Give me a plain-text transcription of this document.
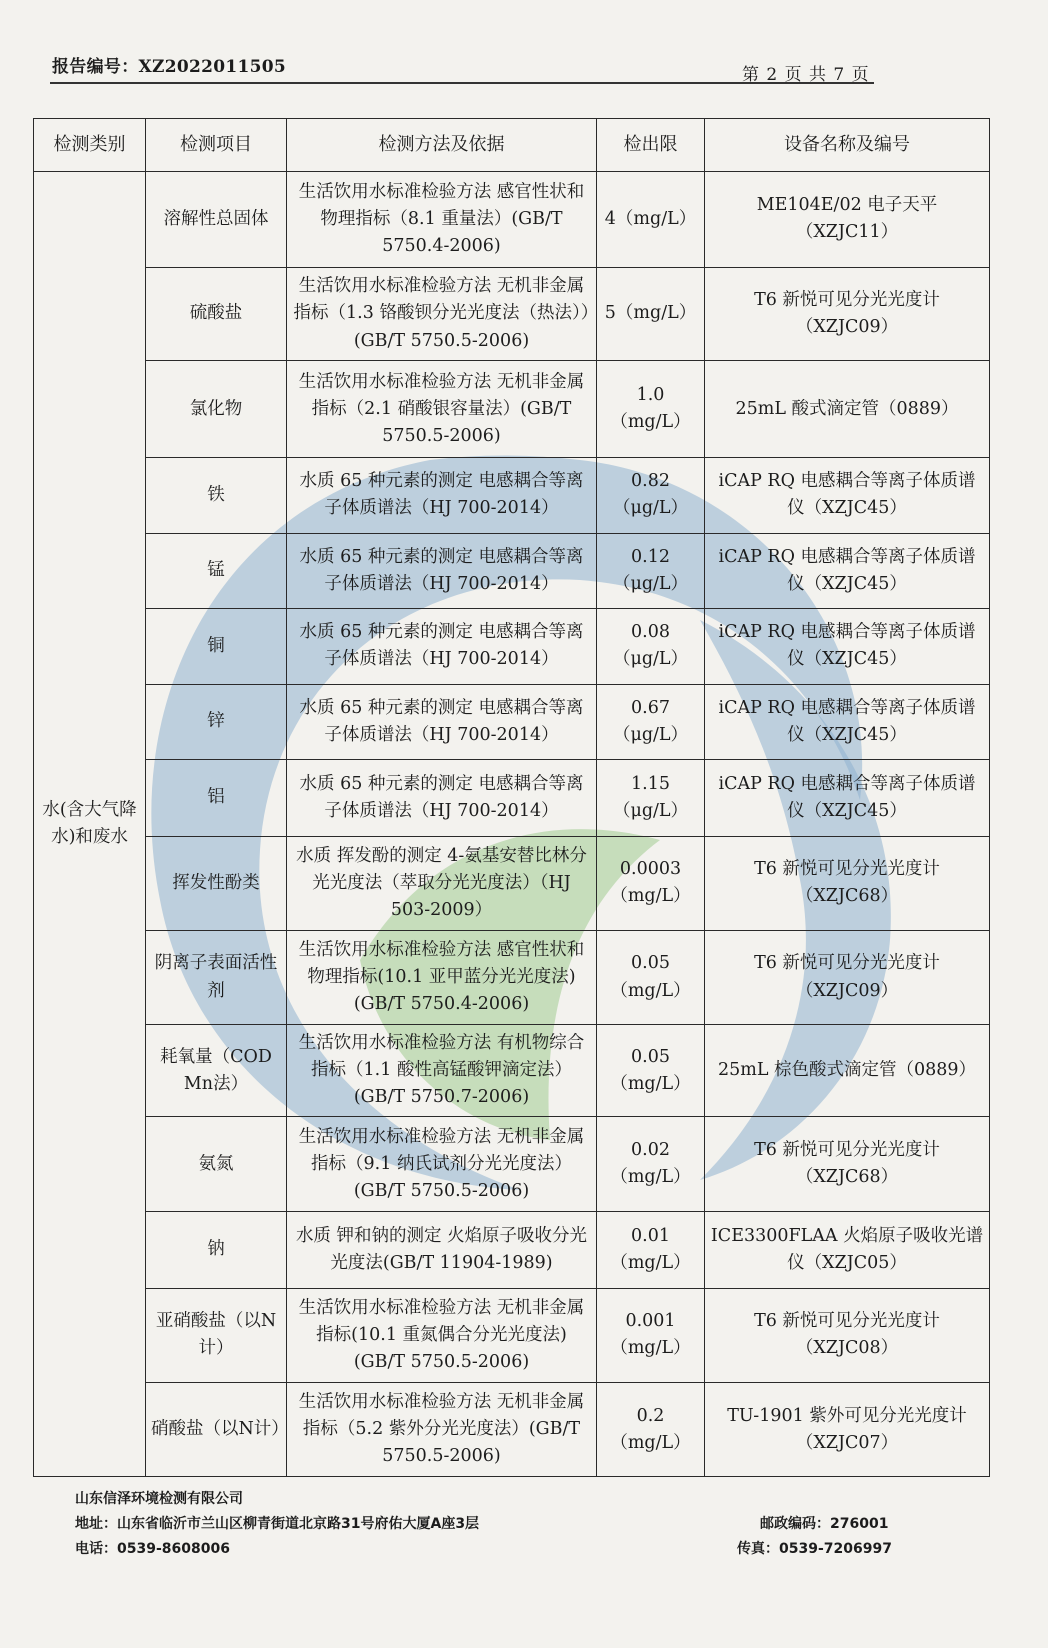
报告编号：XZ2022011505	第 2 页 共 7 页
检测类别	检测项目	检测方法及依据	检出限	设备名称及编号
水(含大气降水)和废水	溶解性总固体	生活饮用水标准检验方法 感官性状和物理指标（8.1 重量法）(GB/T 5750.4-2006)	4（mg/L）	ME104E/02 电子天平（XZJC11）
	硫酸盐	生活饮用水标准检验方法 无机非金属指标（1.3 铬酸钡分光光度法（热法））(GB/T 5750.5-2006)	5（mg/L）	T6 新悦可见分光光度计（XZJC09）
	氯化物	生活饮用水标准检验方法 无机非金属指标（2.1 硝酸银容量法）(GB/T 5750.5-2006)	1.0（mg/L）	25mL 酸式滴定管（0889）
	铁	水质 65 种元素的测定 电感耦合等离子体质谱法（HJ 700-2014）	0.82（μg/L）	iCAP RQ 电感耦合等离子体质谱仪（XZJC45）
	锰	水质 65 种元素的测定 电感耦合等离子体质谱法（HJ 700-2014）	0.12（μg/L）	iCAP RQ 电感耦合等离子体质谱仪（XZJC45）
	铜	水质 65 种元素的测定 电感耦合等离子体质谱法（HJ 700-2014）	0.08（μg/L）	iCAP RQ 电感耦合等离子体质谱仪（XZJC45）
	锌	水质 65 种元素的测定 电感耦合等离子体质谱法（HJ 700-2014）	0.67（μg/L）	iCAP RQ 电感耦合等离子体质谱仪（XZJC45）
	铝	水质 65 种元素的测定 电感耦合等离子体质谱法（HJ 700-2014）	1.15（μg/L）	iCAP RQ 电感耦合等离子体质谱仪（XZJC45）
	挥发性酚类	水质 挥发酚的测定 4-氨基安替比林分光光度法（萃取分光光度法）（HJ 503-2009）	0.0003（mg/L）	T6 新悦可见分光光度计（XZJC68）
	阴离子表面活性剂	生活饮用水标准检验方法 感官性状和物理指标(10.1 亚甲蓝分光光度法) (GB/T 5750.4-2006)	0.05（mg/L）	T6 新悦可见分光光度计（XZJC09）
	耗氧量（COD Mn法）	生活饮用水标准检验方法 有机物综合指标（1.1 酸性高锰酸钾滴定法）(GB/T 5750.7-2006)	0.05（mg/L）	25mL 棕色酸式滴定管（0889）
	氨氮	生活饮用水标准检验方法 无机非金属指标（9.1 纳氏试剂分光光度法）(GB/T 5750.5-2006)	0.02（mg/L）	T6 新悦可见分光光度计（XZJC68）
	钠	水质 钾和钠的测定 火焰原子吸收分光光度法(GB/T 11904-1989)	0.01（mg/L）	ICE3300FLAA 火焰原子吸收光谱仪（XZJC05）
	亚硝酸盐（以N计）	生活饮用水标准检验方法 无机非金属指标(10.1 重氮偶合分光光度法) (GB/T 5750.5-2006)	0.001（mg/L）	T6 新悦可见分光光度计（XZJC08）
	硝酸盐（以N计）	生活饮用水标准检验方法 无机非金属指标（5.2 紫外分光光度法）(GB/T 5750.5-2006)	0.2（mg/L）	TU-1901 紫外可见分光光度计（XZJC07）
山东信泽环境检测有限公司
地址：山东省临沂市兰山区柳青街道北京路31号府佑大厦A座3层
电话：0539-8608006
邮政编码：276001
传真：0539-7206997
